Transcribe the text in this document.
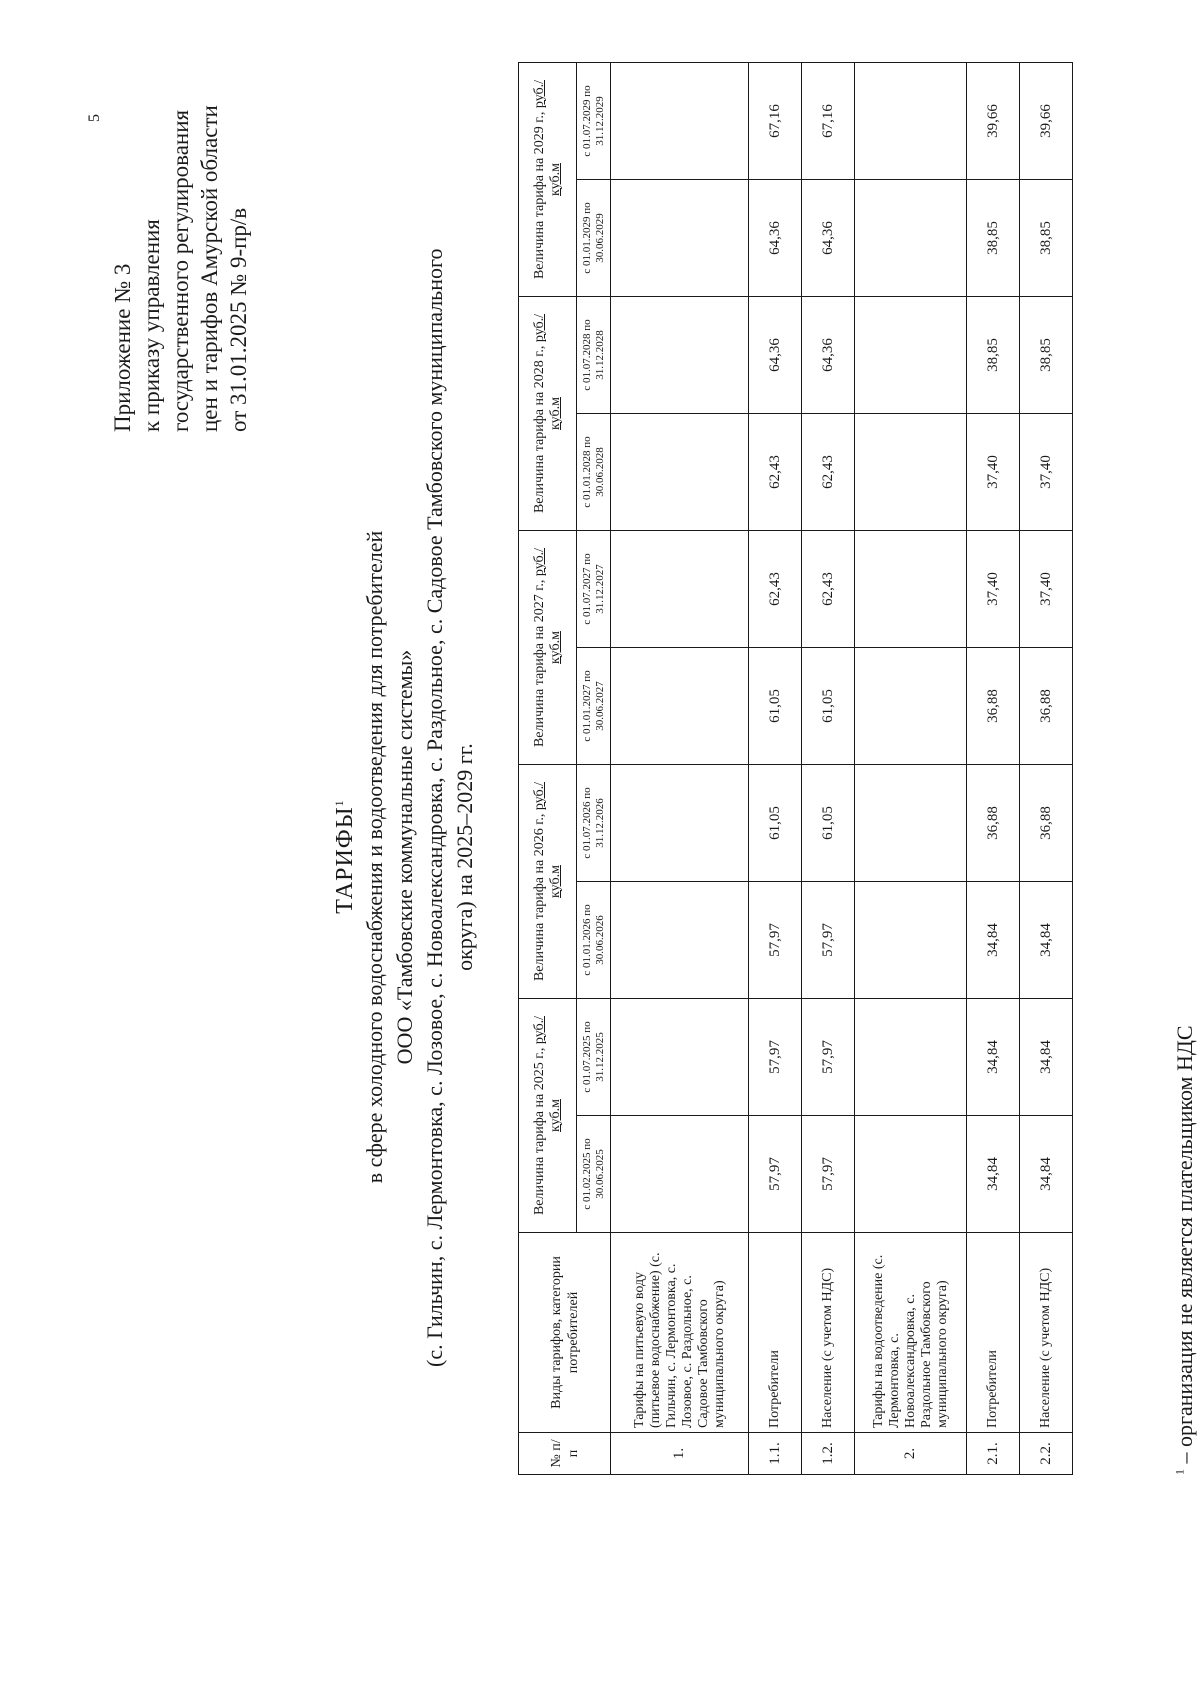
5
Приложение № 3 к приказу управления государственного регулирования цен и тарифов Амурской области от 31.01.2025 № 9-пр/в
ТАРИФЫ$^1$ в сфере холодного водоснабжения и водоотведения для потребителей ООО «Тамбовские коммунальные системы» (с. Гильчин, с. Лермонтовка, с. Лозовое, с. Новоалександровка, с. Раздольное, с. Садовое Тамбовского муниципального округа) на 2025–2029 гг.
№ п/п	Виды тарифов, категории потребителей	Величина тарифа на 2025 г., руб./куб.м		Величина тарифа на 2026 г., руб./куб.м		Величина тарифа на 2027 г., руб./куб.м		Величина тарифа на 2028 г., руб./куб.м		Величина тарифа на 2029 г., руб./куб.м	
		с 01.02.2025 по 30.06.2025	с 01.07.2025 по 31.12.2025	с 01.01.2026 по 30.06.2026	с 01.07.2026 по 31.12.2026	с 01.01.2027 по 30.06.2027	с 01.07.2027 по 31.12.2027	с 01.01.2028 по 30.06.2028	с 01.07.2028 по 31.12.2028	с 01.01.2029 по 30.06.2029	с 01.07.2029 по 31.12.2029
1.	Тарифы на питьевую воду (питьевое водоснабжение) (с. Гильчин, с. Лермонтовка, с. Лозовое, с. Раздольное, с. Садовое Тамбовского муниципального округа)										
1.1.	Потребители	57,97	57,97	57,97	61,05	61,05	62,43	62,43	64,36	64,36	67,16
1.2.	Население (с учетом НДС)	57,97	57,97	57,97	61,05	61,05	62,43	62,43	64,36	64,36	67,16
2.	Тарифы на водоотведение (с. Лермонтовка, с. Новоалександровка, с. Раздольное Тамбовского муниципального округа)										
2.1.	Потребители	34,84	34,84	34,84	36,88	36,88	37,40	37,40	38,85	38,85	39,66
2.2.	Население (с учетом НДС)	34,84	34,84	34,84	36,88	36,88	37,40	37,40	38,85	38,85	39,66
$^1$ – организация не является плательщиком НДС
